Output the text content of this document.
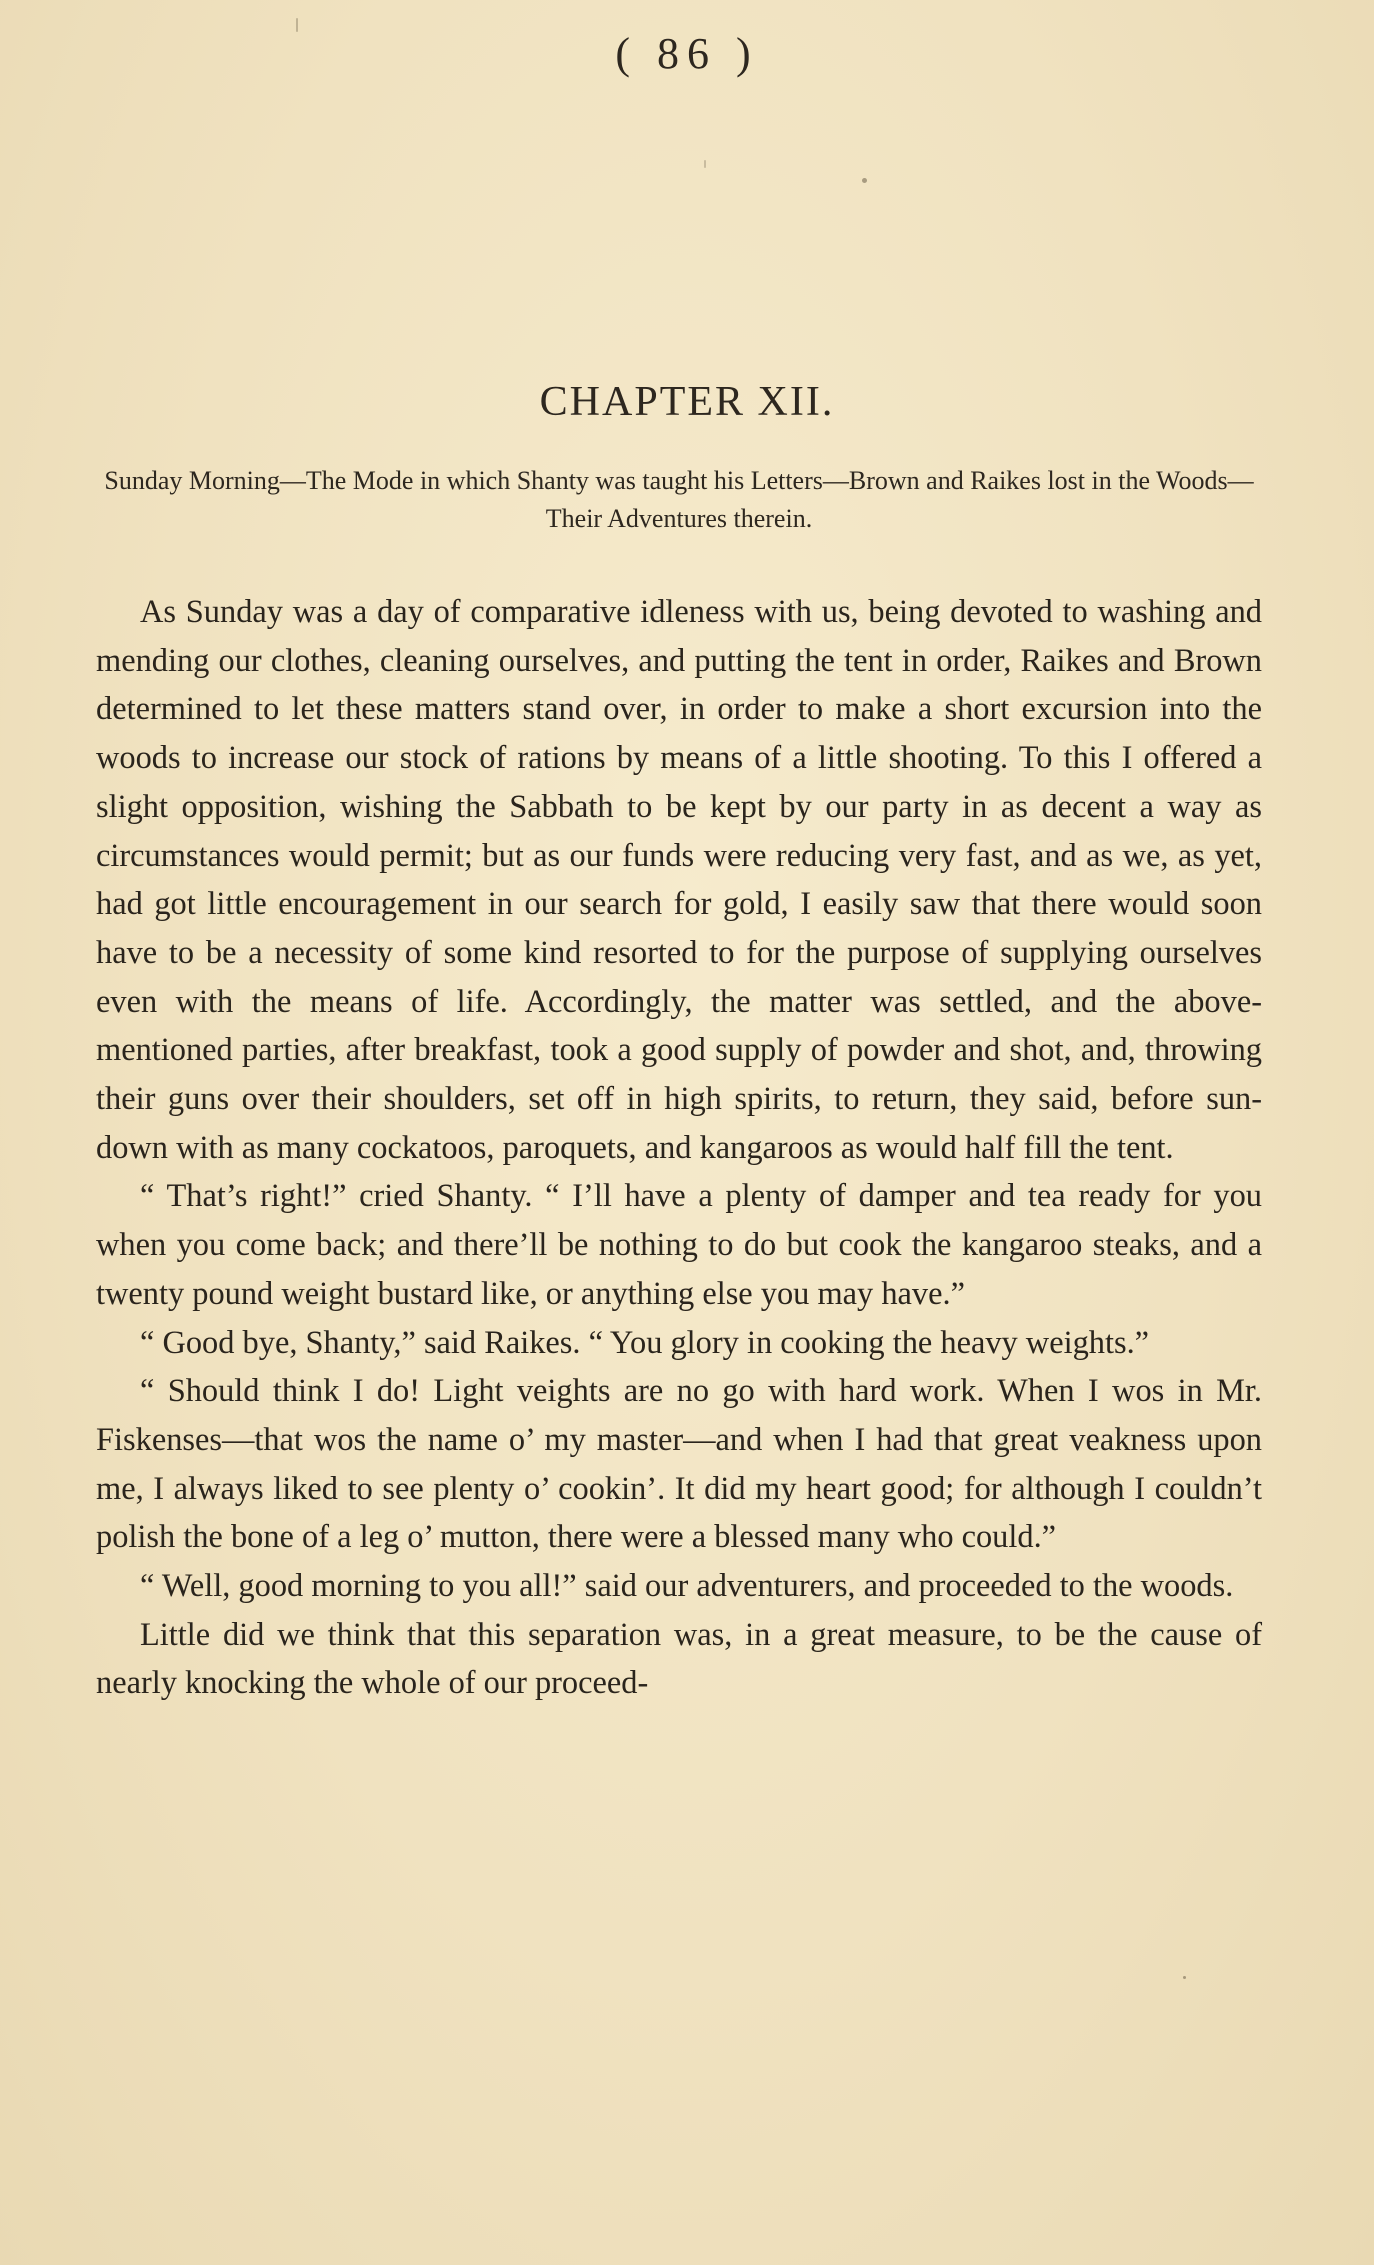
( 86 )
CHAPTER XII.
Sunday Morning—The Mode in which Shanty was taught his Letters—Brown and Raikes lost in the Woods—Their Adventures therein.

As Sunday was a day of comparative idleness with us, being devoted to washing and mending our clothes, cleaning ourselves, and putting the tent in order, Raikes and Brown determined to let these matters stand over, in order to make a short excursion into the woods to increase our stock of rations by means of a little shooting. To this I offered a slight opposition, wishing the Sabbath to be kept by our party in as decent a way as circumstances would permit; but as our funds were reducing very fast, and as we, as yet, had got little encouragement in our search for gold, I easily saw that there would soon have to be a necessity of some kind resorted to for the purpose of supplying ourselves even with the means of life. Accordingly, the matter was settled, and the above-mentioned parties, after breakfast, took a good supply of powder and shot, and, throwing their guns over their shoulders, set off in high spirits, to return, they said, before sun-down with as many cockatoos, paroquets, and kangaroos as would half fill the tent.

“ That’s right!” cried Shanty. “ I’ll have a plenty of damper and tea ready for you when you come back; and there’ll be nothing to do but cook the kangaroo steaks, and a twenty pound weight bustard like, or anything else you may have.”

“ Good bye, Shanty,” said Raikes. “ You glory in cooking the heavy weights.”

“ Should think I do! Light veights are no go with hard work. When I wos in Mr. Fiskenses—that wos the name o’ my master—and when I had that great veakness upon me, I always liked to see plenty o’ cookin’. It did my heart good; for although I couldn’t polish the bone of a leg o’ mutton, there were a blessed many who could.”

“ Well, good morning to you all!” said our adventurers, and proceeded to the woods.

Little did we think that this separation was, in a great measure, to be the cause of nearly knocking the whole of our proceed-
